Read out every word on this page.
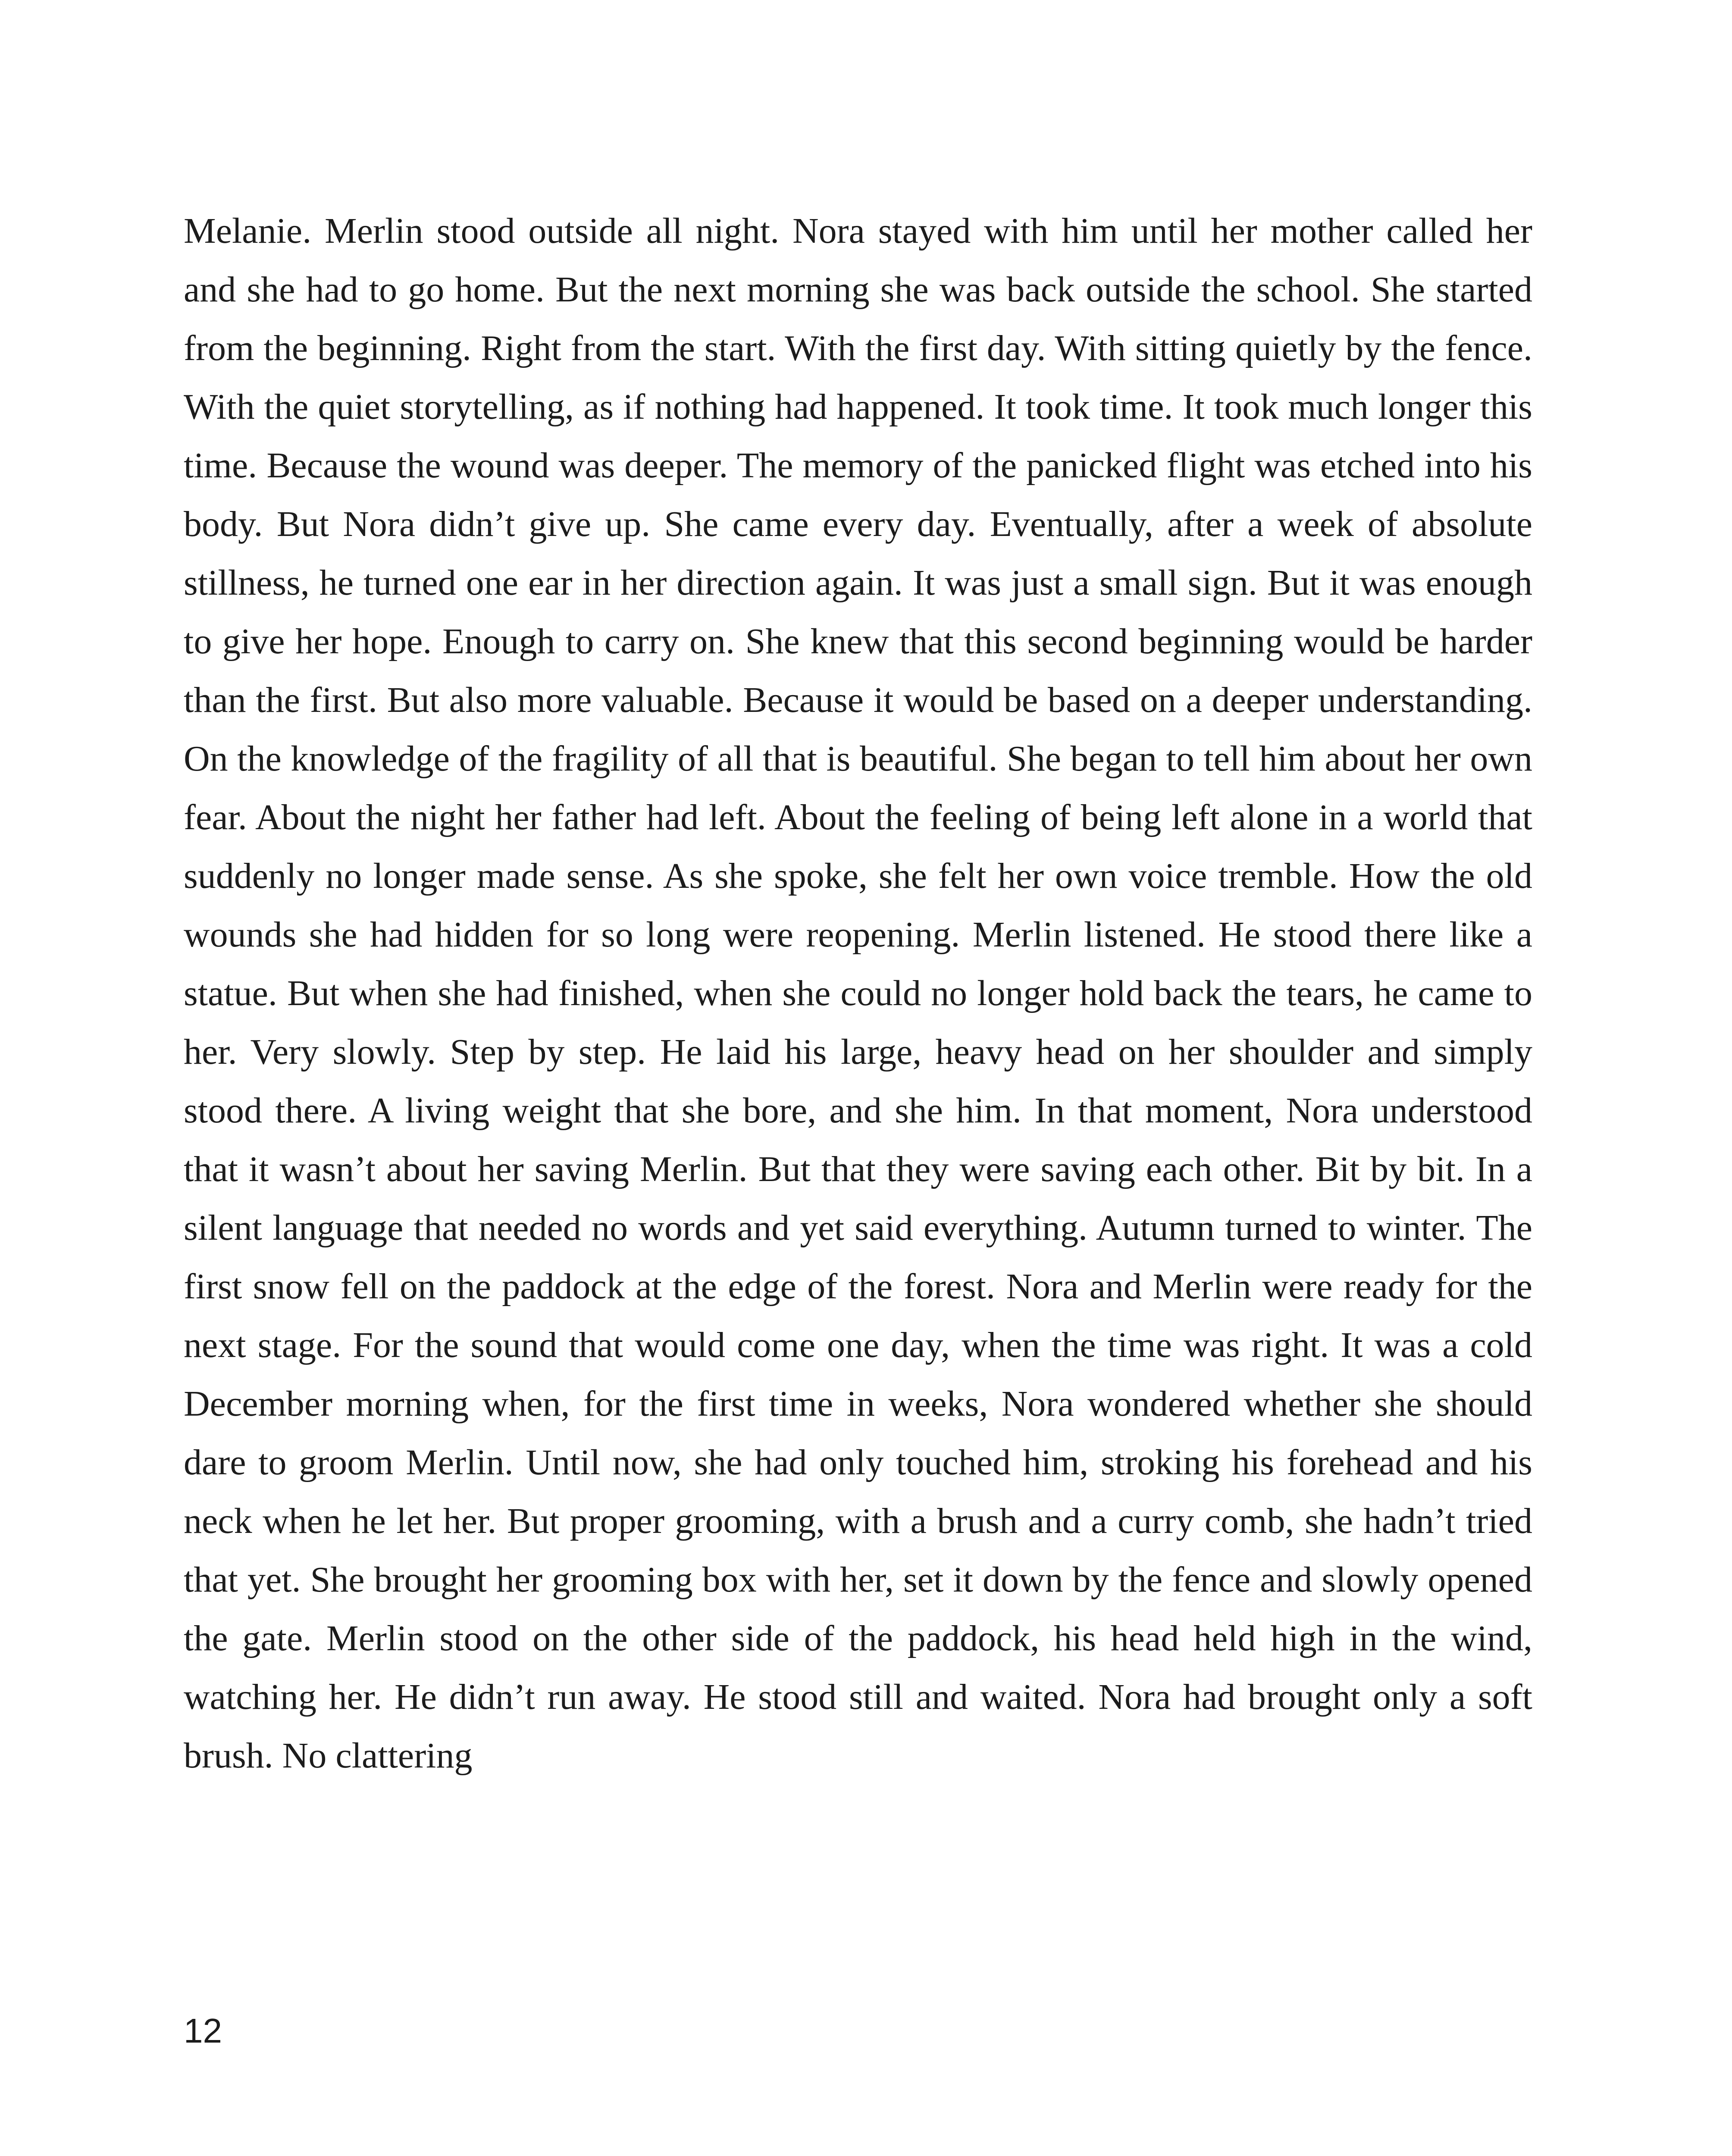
Melanie. Merlin stood outside all night. Nora stayed with him until her mother called her and she had to go home. But the next morning she was back outside the school. She started from the beginning. Right from the start. With the first day. With sitting quietly by the fence. With the quiet storytelling, as if nothing had happened. It took time. It took much longer this time. Because the wound was deeper. The memory of the panicked flight was etched into his body. But Nora didn’t give up. She came every day. Eventually, after a week of absolute stillness, he turned one ear in her direction again. It was just a small sign. But it was enough to give her hope. Enough to carry on. She knew that this second beginning would be harder than the first. But also more valuable. Because it would be based on a deeper understanding. On the knowledge of the fragility of all that is beautiful. She began to tell him about her own fear. About the night her father had left. About the feeling of being left alone in a world that suddenly no longer made sense. As she spoke, she felt her own voice tremble. How the old wounds she had hidden for so long were reopening. Merlin listened. He stood there like a statue. But when she had finished, when she could no longer hold back the tears, he came to her. Very slowly. Step by step. He laid his large, heavy head on her shoulder and simply stood there. A living weight that she bore, and she him. In that moment, Nora understood that it wasn’t about her saving Merlin. But that they were saving each other. Bit by bit. In a silent language that needed no words and yet said everything. Autumn turned to winter. The first snow fell on the paddock at the edge of the forest. Nora and Merlin were ready for the next stage. For the sound that would come one day, when the time was right. It was a cold December morning when, for the first time in weeks, Nora wondered whether she should dare to groom Merlin. Until now, she had only touched him, stroking his forehead and his neck when he let her. But proper grooming, with a brush and a curry comb, she hadn’t tried that yet. She brought her grooming box with her, set it down by the fence and slowly opened the gate. Merlin stood on the other side of the paddock, his head held high in the wind, watching her. He didn’t run away. He stood still and waited. Nora had brought only a soft brush. No clattering

12
